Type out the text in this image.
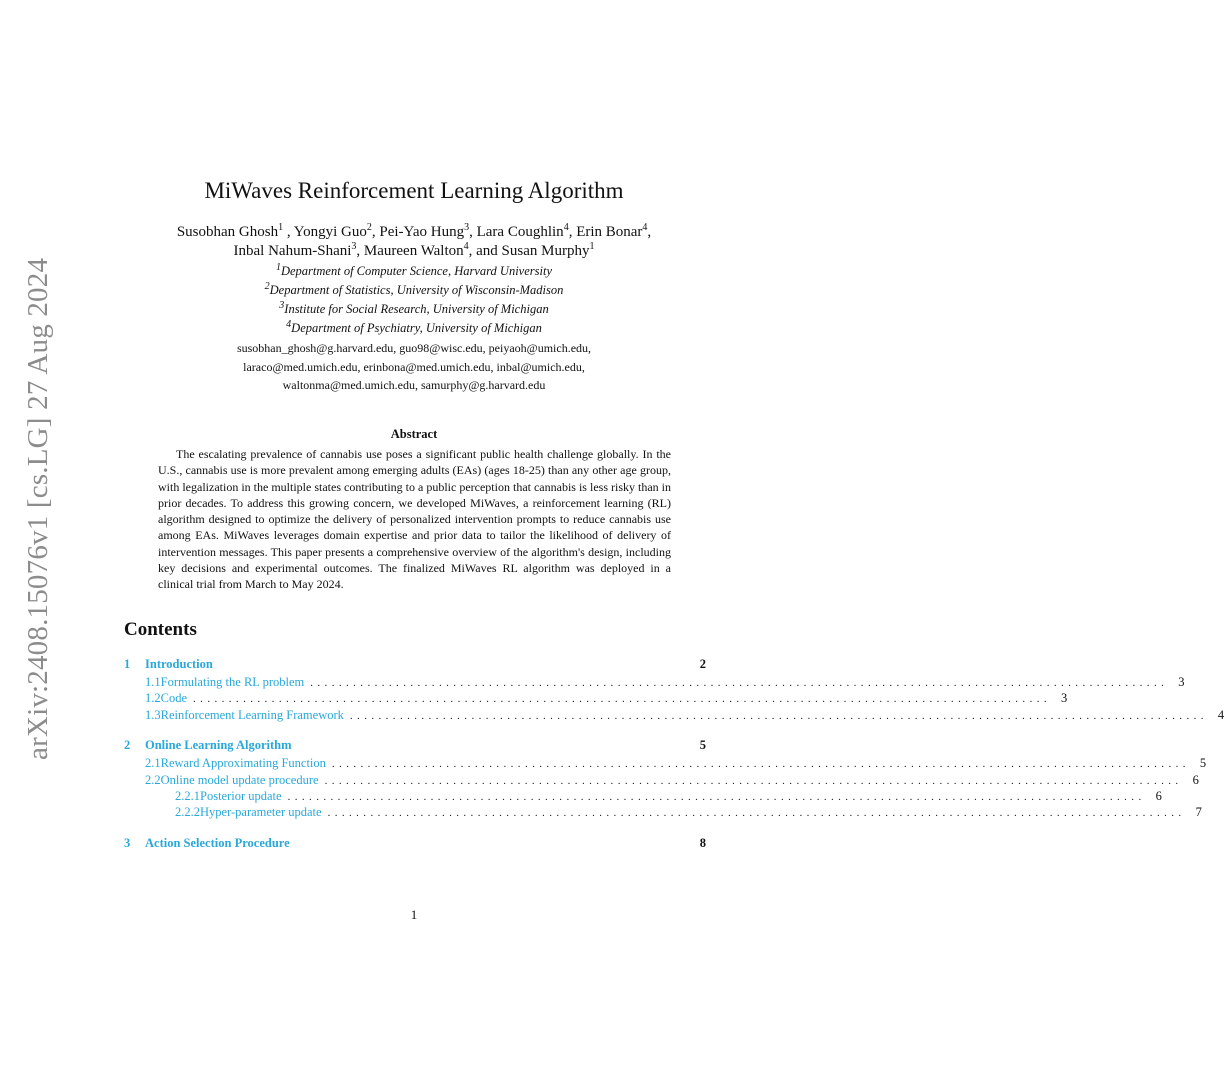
arXiv:2408.15076v1 [cs.LG] 27 Aug 2024
MiWaves Reinforcement Learning Algorithm
Susobhan Ghosh$^1$ , Yongyi Guo$^2$, Pei-Yao Hung$^3$, Lara Coughlin$^4$, Erin Bonar$^4$,
Inbal Nahum-Shani$^3$, Maureen Walton$^4$, and Susan Murphy$^1$
$^1$Department of Computer Science, Harvard University
$^2$Department of Statistics, University of Wisconsin-Madison
$^3$Institute for Social Research, University of Michigan
$^4$Department of Psychiatry, University of Michigan
susobhan_ghosh@g.harvard.edu, guo98@wisc.edu, peiyaoh@umich.edu,
laraco@med.umich.edu, erinbona@med.umich.edu, inbal@umich.edu,
waltonma@med.umich.edu, samurphy@g.harvard.edu
Abstract
The escalating prevalence of cannabis use poses a significant public health challenge globally. In the U.S., cannabis use is more prevalent among emerging adults (EAs) (ages 18-25) than any other age group, with legalization in the multiple states contributing to a public perception that cannabis is less risky than in prior decades. To address this growing concern, we developed MiWaves, a reinforcement learning (RL) algorithm designed to optimize the delivery of personalized intervention prompts to reduce cannabis use among EAs. MiWaves leverages domain expertise and prior data to tailor the likelihood of delivery of intervention messages. This paper presents a comprehensive overview of the algorithm's design, including key decisions and experimental outcomes. The finalized MiWaves RL algorithm was deployed in a clinical trial from March to May 2024.
Contents
1	Introduction	2
1.1 Formulating the RL problem ........................................................................................................................ 3
1.2 Code ........................................................................................................................ 3
1.3 Reinforcement Learning Framework ........................................................................................................................ 4
2	Online Learning Algorithm	5
2.1 Reward Approximating Function ........................................................................................................................ 5
2.2 Online model update procedure ........................................................................................................................ 6
2.2.1 Posterior update ........................................................................................................................ 6
2.2.2 Hyper-parameter update ........................................................................................................................ 7
3	Action Selection Procedure	8
1
